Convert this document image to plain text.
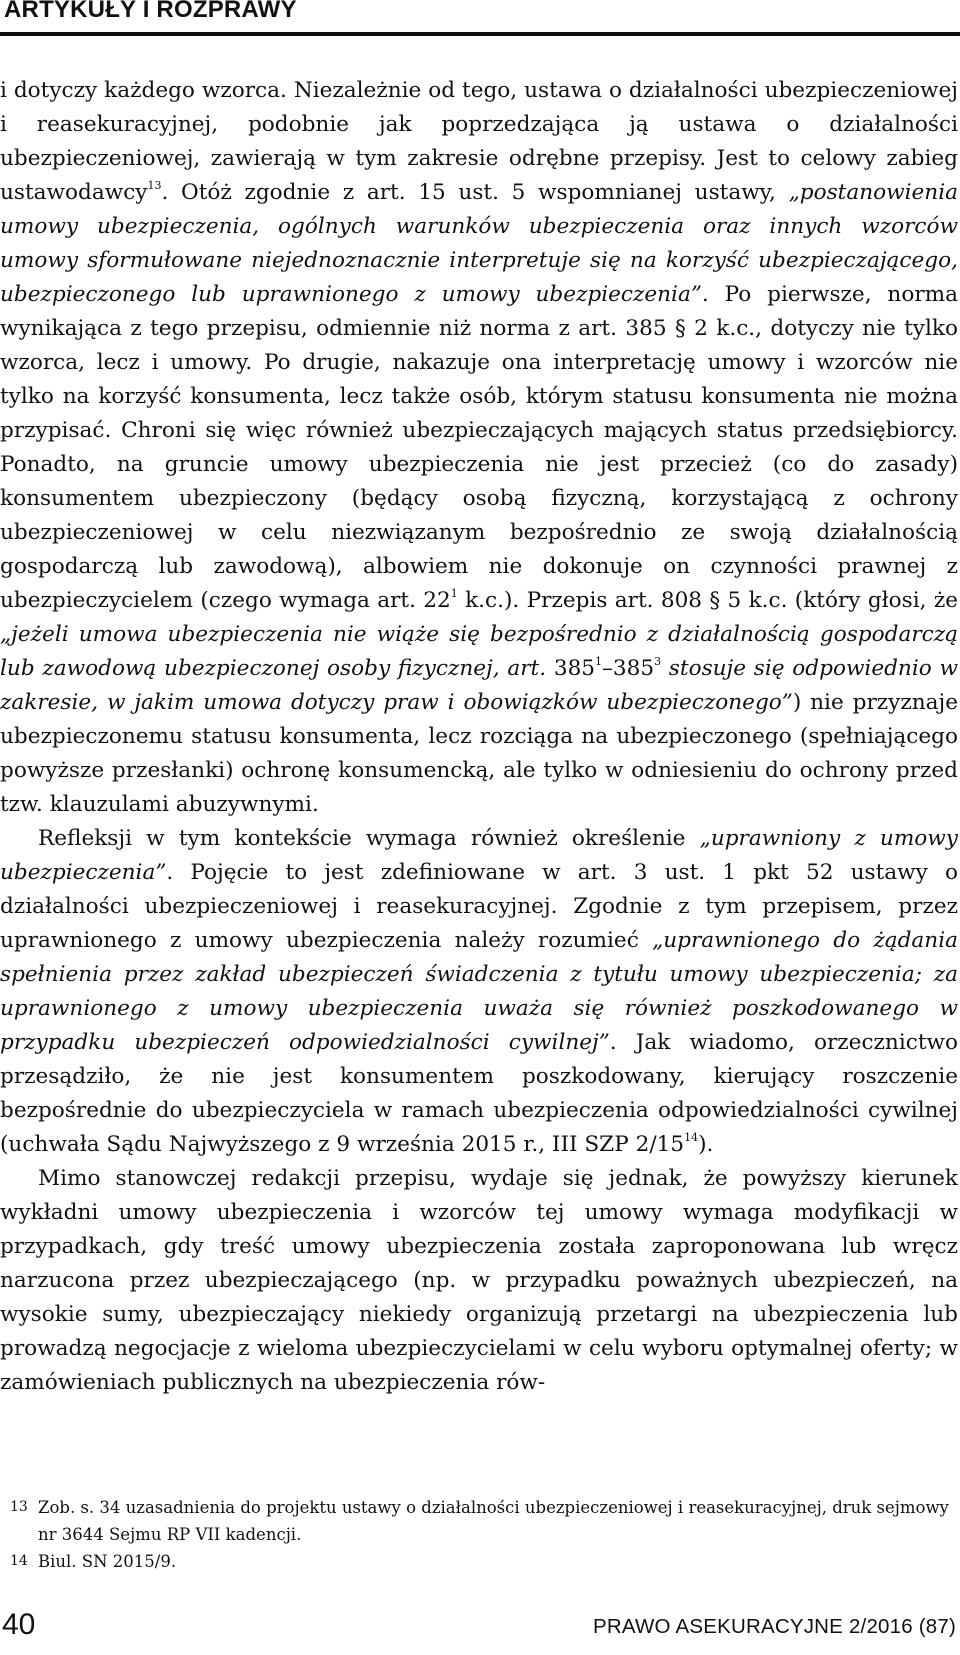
ARTYKUŁY I ROZPRAWY

i dotyczy każdego wzorca. Niezależnie od tego, ustawa o działalności ubezpieczeniowej i reasekuracyjnej, podobnie jak poprzedzająca ją ustawa o działalności ubezpieczeniowej, zawierają w tym zakresie odrębne przepisy. Jest to celowy zabieg ustawodawcy$^{13}$. Otóż zgodnie z art. 15 ust. 5 wspomnianej ustawy, „postanowienia umowy ubezpieczenia, ogólnych warunków ubezpieczenia oraz innych wzorców umowy sformułowane niejednoznacznie interpretuje się na korzyść ubezpieczającego, ubezpieczonego lub uprawnionego z umowy ubezpieczenia”. Po pierwsze, norma wynikająca z tego przepisu, odmiennie niż norma z art. 385 § 2 k.c., dotyczy nie tylko wzorca, lecz i umowy. Po drugie, nakazuje ona interpretację umowy i wzorców nie tylko na korzyść konsumenta, lecz także osób, którym statusu konsumenta nie można przypisać. Chroni się więc również ubezpieczających mających status przedsiębiorcy. Ponadto, na gruncie umowy ubezpieczenia nie jest przecież (co do zasady) konsumentem ubezpieczony (będący osobą fizyczną, korzystającą z ochrony ubezpieczeniowej w celu niezwiązanym bezpośrednio ze swoją działalnością gospodarczą lub zawodową), albowiem nie dokonuje on czynności prawnej z ubezpieczycielem (czego wymaga art. $22^1$ k.c.). Przepis art. 808 § 5 k.c. (który głosi, że „jeżeli umowa ubezpieczenia nie wiąże się bezpośrednio z działalnością gospodarczą lub zawodową ubezpieczonej osoby fizycznej, art. $385^1-385^3$ stosuje się odpowiednio w zakresie, w jakim umowa dotyczy praw i obowiązków ubezpieczonego”) nie przyznaje ubezpieczonemu statusu konsumenta, lecz rozciąga na ubezpieczonego (spełniającego powyższe przesłanki) ochronę konsumencką, ale tylko w odniesieniu do ochrony przed tzw. klauzulami abuzywnymi.

Refleksji w tym kontekście wymaga również określenie „uprawniony z umowy ubezpieczenia”. Pojęcie to jest zdefiniowane w art. 3 ust. 1 pkt 52 ustawy o działalności ubezpieczeniowej i reasekuracyjnej. Zgodnie z tym przepisem, przez uprawnionego z umowy ubezpieczenia należy rozumieć „uprawnionego do żądania spełnienia przez zakład ubezpieczeń świadczenia z tytułu umowy ubezpieczenia; za uprawnionego z umowy ubezpieczenia uważa się również poszkodowanego w przypadku ubezpieczeń odpowiedzialności cywilnej”. Jak wiadomo, orzecznictwo przesądziło, że nie jest konsumentem poszkodowany, kierujący roszczenie bezpośrednie do ubezpieczyciela w ramach ubezpieczenia odpowiedzialności cywilnej (uchwała Sądu Najwyższego z 9 września 2015 r., III SZP $2/15^{14}$).

Mimo stanowczej redakcji przepisu, wydaje się jednak, że powyższy kierunek wykładni umowy ubezpieczenia i wzorców tej umowy wymaga modyfikacji w przypadkach, gdy treść umowy ubezpieczenia została zaproponowana lub wręcz narzucona przez ubezpieczającego (np. w przypadku poważnych ubezpieczeń, na wysokie sumy, ubezpieczający niekiedy organizują przetargi na ubezpieczenia lub prowadzą negocjacje z wieloma ubezpieczycielami w celu wyboru optymalnej oferty; w zamówieniach publicznych na ubezpieczenia rów-

13 Zob. s. 34 uzasadnienia do projektu ustawy o działalności ubezpieczeniowej i reasekuracyjnej, druk sejmowy nr 3644 Sejmu RP VII kadencji.
14 Biul. SN 2015/9.
40	PRAWO ASEKURACYJNE 2/2016 (87)
